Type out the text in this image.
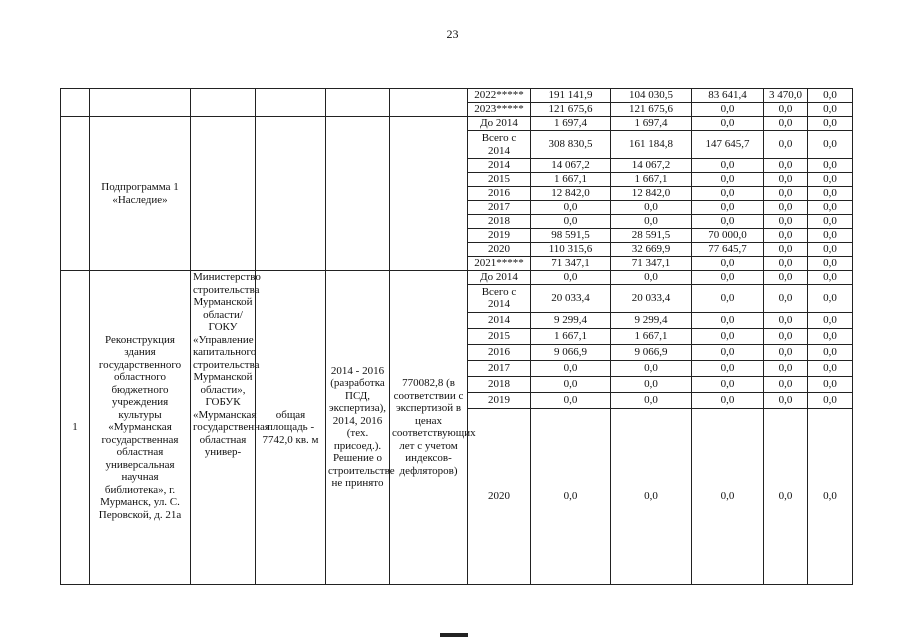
23
						2022*****	191 141,9	104 030,5	83 641,4	3 470,0	0,0
						2023*****	121 675,6	121 675,6	0,0	0,0	0,0
	Подпрограмма 1 «Наследие»					До 2014	1 697,4	1 697,4	0,0	0,0	0,0
						Всего с 2014	308 830,5	161 184,8	147 645,7	0,0	0,0
						2014	14 067,2	14 067,2	0,0	0,0	0,0
						2015	1 667,1	1 667,1	0,0	0,0	0,0
						2016	12 842,0	12 842,0	0,0	0,0	0,0
						2017	0,0	0,0	0,0	0,0	0,0
						2018	0,0	0,0	0,0	0,0	0,0
						2019	98 591,5	28 591,5	70 000,0	0,0	0,0
						2020	110 315,6	32 669,9	77 645,7	0,0	0,0
						2021*****	71 347,1	71 347,1	0,0	0,0	0,0
1	Реконструкция здания государственного областного бюджетного учреждения культуры «Мурманская государственная областная универсальная научная библиотека», г. Мурманск, ул. С. Перовской, д. 21а	Министерство строительства Мурманской области/ ГОКУ «Управление капитального строительства Мурманской области», ГОБУК «Мурманская государственная областная универ-	общая площадь - 7742,0 кв. м	2014 - 2016 (разработка ПСД, экспертиза), 2014, 2016 (тех. присоед.). Решение о строительстве не принято	770082,8 (в соответствии с экспертизой в ценах соответствующих лет с учетом индексов-дефляторов)	До 2014	0,0	0,0	0,0	0,0	0,0
						Всего с 2014	20 033,4	20 033,4	0,0	0,0	0,0
						2014	9 299,4	9 299,4	0,0	0,0	0,0
						2015	1 667,1	1 667,1	0,0	0,0	0,0
						2016	9 066,9	9 066,9	0,0	0,0	0,0
						2017	0,0	0,0	0,0	0,0	0,0
						2018	0,0	0,0	0,0	0,0	0,0
						2019	0,0	0,0	0,0	0,0	0,0
						2020	0,0	0,0	0,0	0,0	0,0
